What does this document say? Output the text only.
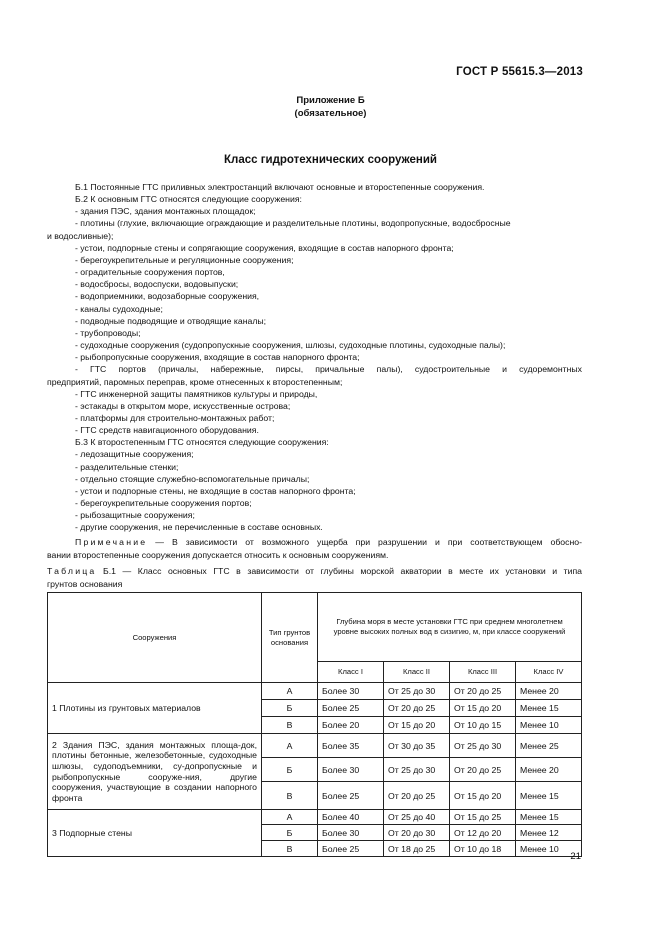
ГОСТ Р 55615.3—2013
Приложение Б
(обязательное)
Класс гидротехнических сооружений

Б.1 Постоянные ГТС приливных электростанций включают основные и второстепенные сооружения.

Б.2 К основным ГТС относятся следующие сооружения:

- здания ПЭС, здания монтажных площадок;

- плотины (глухие, включающие ограждающие и разделительные плотины, водопропускные, водосбросные

и водосливные);

- устои, подпорные стены и сопрягающие сооружения, входящие в состав напорного фронта;

- берегоукрепительные и регуляционные сооружения;

- оградительные сооружения портов,

- водосбросы, водоспуски, водовыпуски;

- водоприемники, водозаборные сооружения,

- каналы судоходные;

- подводные подводящие и отводящие каналы;

- трубопроводы;

- судоходные сооружения (судопропускные сооружения, шлюзы, судоходные плотины, судоходные палы);

- рыбопропускные сооружения, входящие в состав напорного фронта;

- ГТС портов (причалы, набережные, пирсы, причальные палы), судостроительные и судоремонтных

предприятий, паромных переправ, кроме отнесенных к второстепенным;

- ГТС инженерной защиты памятников культуры и природы,

- эстакады в открытом море, искусственные острова;

- платформы для строительно-монтажных работ;

- ГТС средств навигационного оборудования.

Б.3 К второстепенным ГТС относятся следующие сооружения:

- ледозащитные сооружения;

- разделительные стенки;

- отдельно стоящие служебно-вспомогательные причалы;

- устои и подпорные стены, не входящие в состав напорного фронта;

- берегоукрепительные сооружения портов;

- рыбозащитные сооружения;

- другие сооружения, не перечисленные в составе основных.

Примечание — В зависимости от возможного ущерба при разрушении и при соответствующем обосно-

вании второстепенные сооружения допускается относить к основным сооружениям.

Таблица Б.1 — Класс основных ГТС в зависимости от глубины морской акватории в месте их установки и типа

грунтов основания

Сооружения	Тип грунтов основания	Глубина моря в месте установки ГТС при среднем многолетнем уровне высоких полных вод в сизигию, м, при классе сооружений			
		Класс I	Класс II	Класс III	Класс IV
1 Плотины из грунтовых материалов	А	Более 30	От 25 до 30	От 20 до 25	Менее 20
	Б	Более 25	От 20 до 25	От 15 до 20	Менее 15
	В	Более 20	От 15 до 20	От 10 до 15	Менее 10
2 Здания ПЭС, здания монтажных площа-док, плотины бетонные, железобетонные, судоходные шлюзы, судоподъемники, су-допропускные и рыбопропускные сооруже-ния, другие сооружения, участвующие в создании напорного фронта	А	Более 35	От 30 до 35	От 25 до 30	Менее 25
	Б	Более 30	От 25 до 30	От 20 до 25	Менее 20
	В	Более 25	От 20 до 25	От 15 до 20	Менее 15
3 Подпорные стены	А	Более 40	От 25 до 40	От 15 до 25	Менее 15
	Б	Более 30	От 20 до 30	От 12 до 20	Менее 12
	В	Более 25	От 18 до 25	От 10 до 18	Менее 10
21
